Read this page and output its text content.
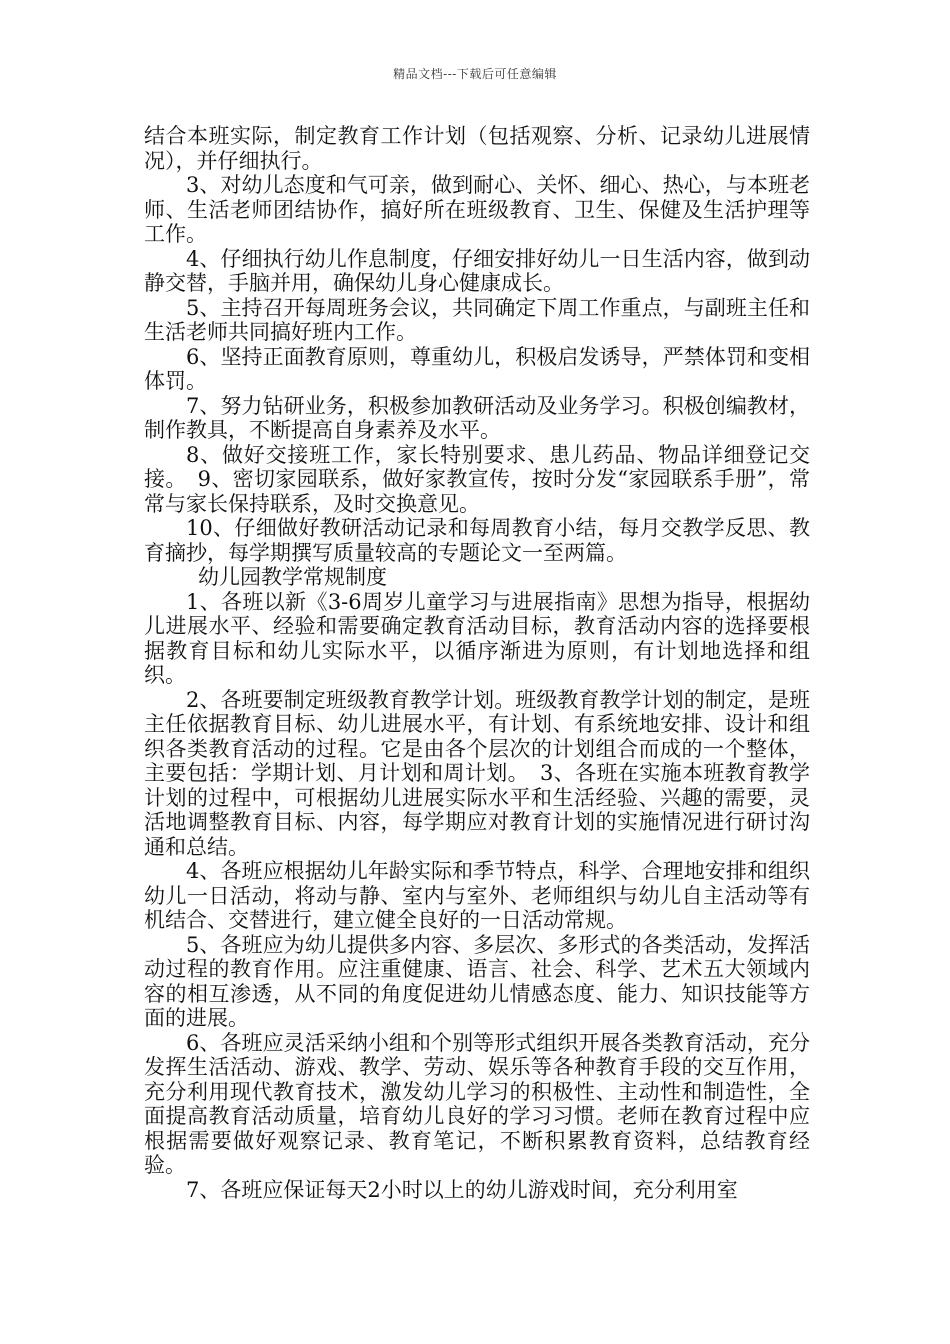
精品文档---下载后可任意编辑

结合本班实际，制定教育工作计划（包括观察、分析、记录幼儿进展情况），并仔细执行。

3、对幼儿态度和气可亲，做到耐心、关怀、细心、热心，与本班老师、生活老师团结协作，搞好所在班级教育、卫生、保健及生活护理等工作。

4、仔细执行幼儿作息制度，仔细安排好幼儿一日生活内容，做到动静交替，手脑并用，确保幼儿身心健康成长。

5、主持召开每周班务会议，共同确定下周工作重点，与副班主任和生活老师共同搞好班内工作。

6、坚持正面教育原则，尊重幼儿，积极启发诱导，严禁体罚和变相体罚。

7、努力钻研业务，积极参加教研活动及业务学习。积极创编教材，制作教具，不断提高自身素养及水平。

8、做好交接班工作，家长特别要求、患儿药品、物品详细登记交接。　9、密切家园联系，做好家教宣传，按时分发“家园联系手册”，常常与家长保持联系，及时交换意见。

10、仔细做好教研活动记录和每周教育小结，每月交教学反思、教育摘抄，每学期撰写质量较高的专题论文一至两篇。

幼儿园教学常规制度

1、各班以新《3-6周岁儿童学习与进展指南》思想为指导，根据幼儿进展水平、经验和需要确定教育活动目标，教育活动内容的选择要根据教育目标和幼儿实际水平，以循序渐进为原则，有计划地选择和组织。

2、各班要制定班级教育教学计划。班级教育教学计划的制定，是班主任依据教育目标、幼儿进展水平，有计划、有系统地安排、设计和组织各类教育活动的过程。它是由各个层次的计划组合而成的一个整体，主要包括：学期计划、月计划和周计划。　3、各班在实施本班教育教学计划的过程中，可根据幼儿进展实际水平和生活经验、兴趣的需要，灵活地调整教育目标、内容，每学期应对教育计划的实施情况进行研讨沟通和总结。

4、各班应根据幼儿年龄实际和季节特点，科学、合理地安排和组织幼儿一日活动，将动与静、室内与室外、老师组织与幼儿自主活动等有机结合、交替进行，建立健全良好的一日活动常规。

5、各班应为幼儿提供多内容、多层次、多形式的各类活动，发挥活动过程的教育作用。应注重健康、语言、社会、科学、艺术五大领域内容的相互渗透，从不同的角度促进幼儿情感态度、能力、知识技能等方面的进展。

6、各班应灵活采纳小组和个别等形式组织开展各类教育活动，充分发挥生活活动、游戏、教学、劳动、娱乐等各种教育手段的交互作用，充分利用现代教育技术，激发幼儿学习的积极性、主动性和制造性，全面提高教育活动质量，培育幼儿良好的学习习惯。老师在教育过程中应根据需要做好观察记录、教育笔记，不断积累教育资料，总结教育经验。

7、各班应保证每天2小时以上的幼儿游戏时间，充分利用室
